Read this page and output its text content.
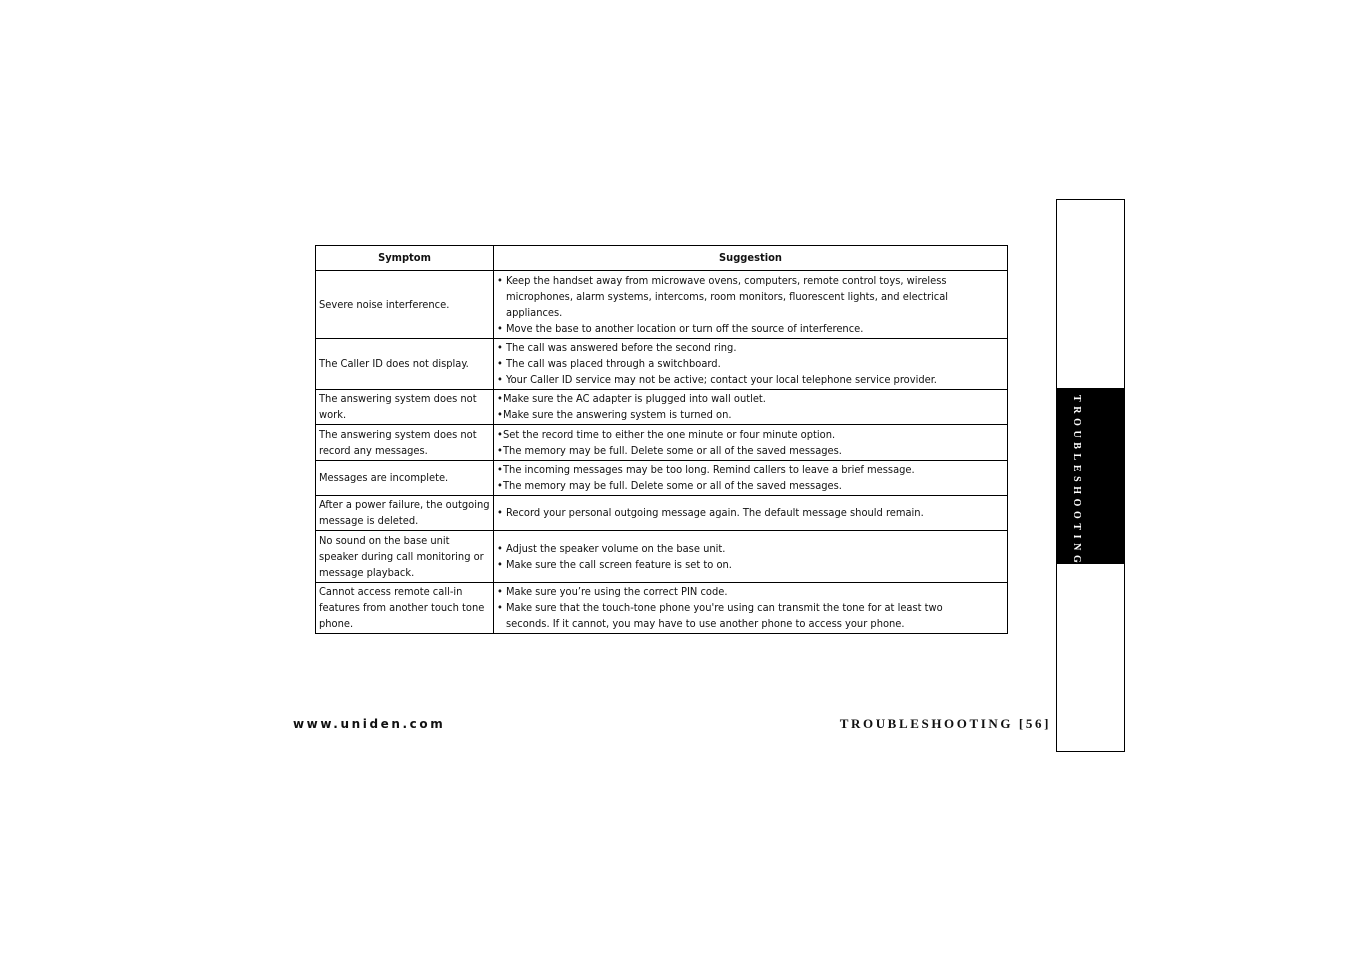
Symptom	Suggestion
Severe noise interference.	• Keep the handset away from microwave ovens, computers, remote control toys, wireless
microphones, alarm systems, intercoms, room monitors, fluorescent lights, and electrical
appliances.
• Move the base to another location or turn off the source of interference.

The Caller ID does not display.	• The call was answered before the second ring.
• The call was placed through a switchboard.
• Your Caller ID service may not be active; contact your local telephone service provider.

The answering system does not work.	•Make sure the AC adapter is plugged into wall outlet.
•Make sure the answering system is turned on.

The answering system does not record any messages.	•Set the record time to either the one minute or four minute option.
•The memory may be full. Delete some or all of the saved messages.

Messages are incomplete.	•The incoming messages may be too long. Remind callers to leave a brief message.
•The memory may be full. Delete some or all of the saved messages.

After a power failure, the outgoing message is deleted.	• Record your personal outgoing message again. The default message should remain.

No sound on the base unit speaker during call monitoring or message playback.	• Adjust the speaker volume on the base unit.
• Make sure the call screen feature is set to on.

Cannot access remote call-in features from another touch tone phone.	• Make sure you’re using the correct PIN code.
• Make sure that the touch-tone phone you're using can transmit the tone for at least two
seconds. If it cannot, you may have to use another phone to access your phone.
www.uniden.com	TROUBLESHOOTING [56]
TROUBLESHOOTING
